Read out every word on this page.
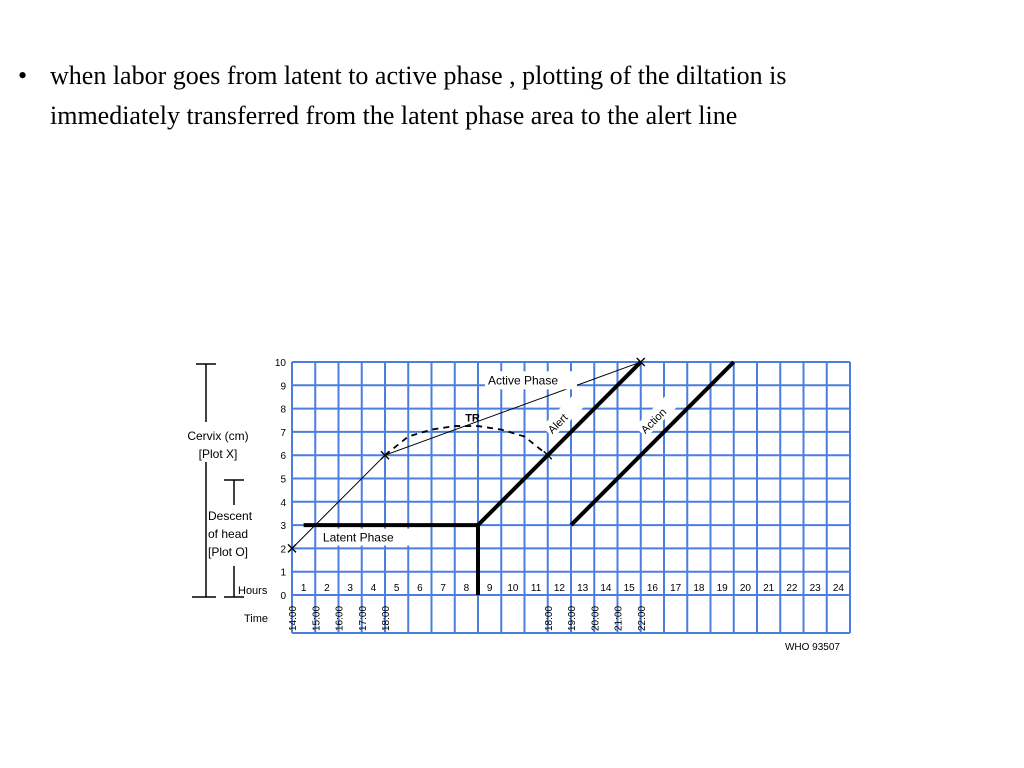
• when labor goes from latent to active phase , plotting of the diltation is immediately transferred from the latent phase area to the alert line
0
1
2
3
4
5
6
7
8
9
10
1 2 3 4 5 6 7 8 9 10 11 12 13 14 15 16 17 18 19 20 21 22 23 24
14:00 15:00 16:00 17:00 18:00	18:00 19:00 20:00 21:00 22:00
Cervix (cm)
[Plot X]
Descent
of head
[Plot O]
Hours
Time
Active Phase
Latent Phase
TR	Alert	Action
WHO 93507
